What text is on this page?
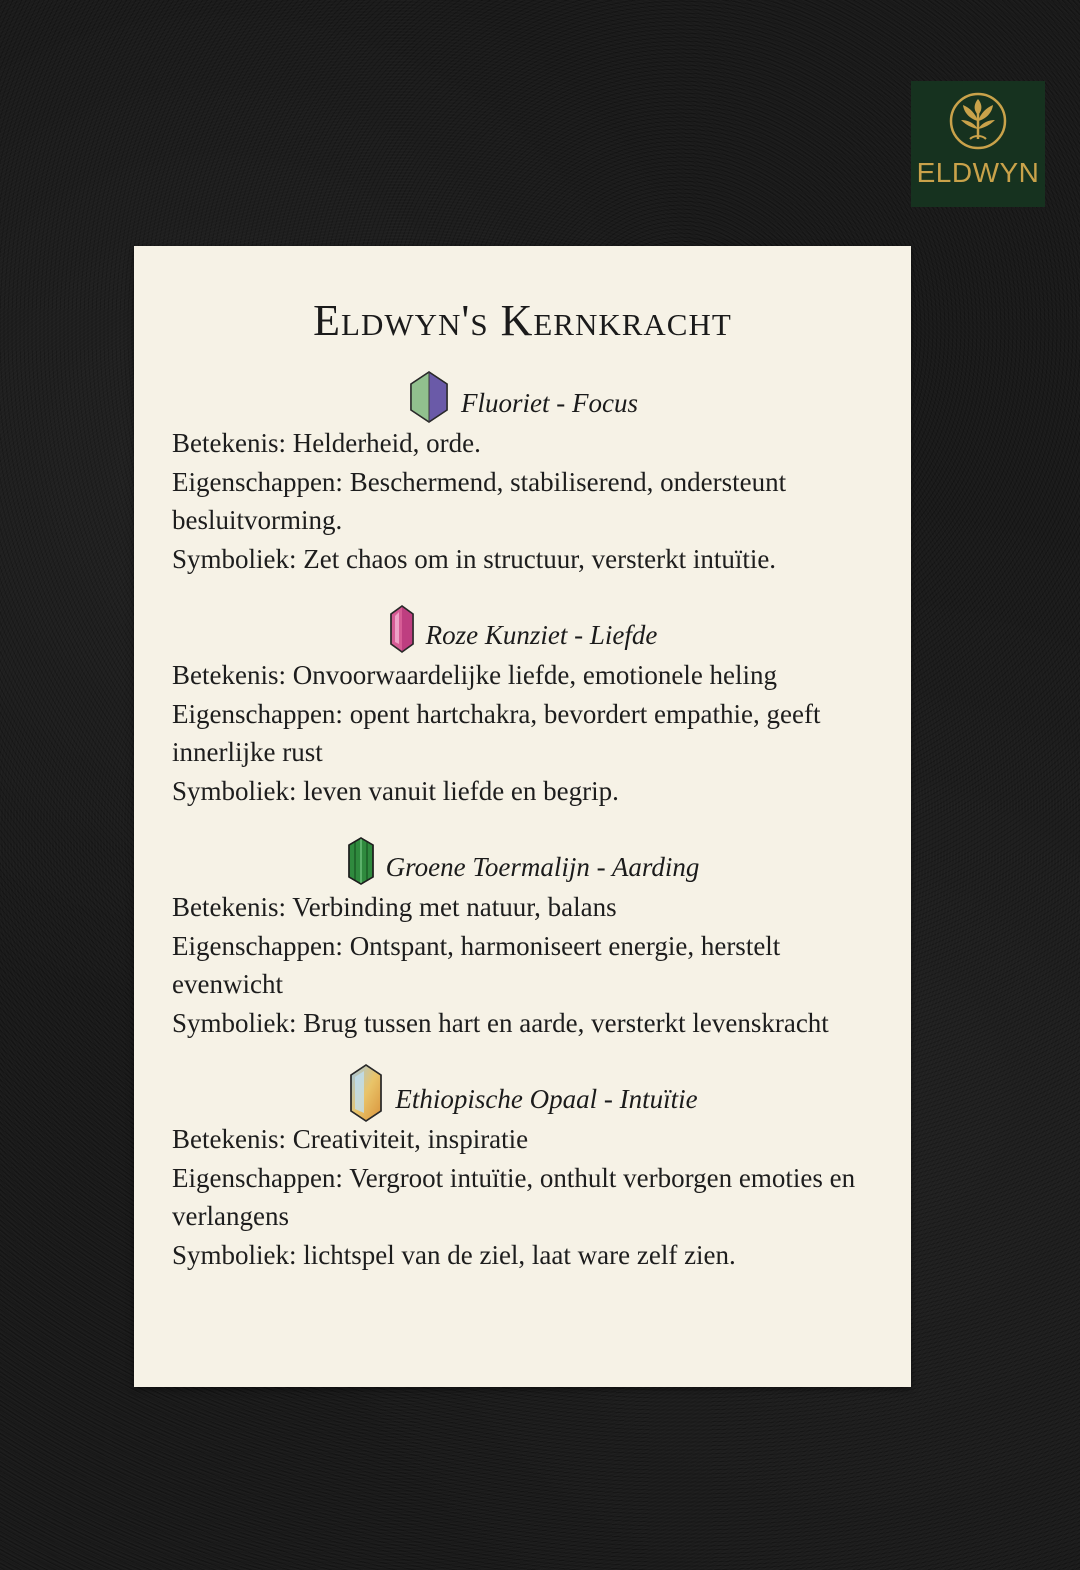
ELDWYN
Eldwyn's Kernkracht
Fluoriet - Focus

Betekenis: Helderheid, orde.

Eigenschappen: Beschermend, stabiliserend, ondersteunt besluitvorming.

Symboliek: Zet chaos om in structuur, versterkt intuïtie.

Roze Kunziet - Liefde

Betekenis: Onvoorwaardelijke liefde, emotionele heling

Eigenschappen: opent hartchakra, bevordert empathie, geeft innerlijke rust

Symboliek: leven vanuit liefde en begrip.

Groene Toermalijn - Aarding

Betekenis: Verbinding met natuur, balans

Eigenschappen: Ontspant, harmoniseert energie, herstelt evenwicht

Symboliek: Brug tussen hart en aarde, versterkt levenskracht

Ethiopische Opaal - Intuïtie

Betekenis: Creativiteit, inspiratie

Eigenschappen: Vergroot intuïtie, onthult verborgen emoties en verlangens

Symboliek: lichtspel van de ziel, laat ware zelf zien.
